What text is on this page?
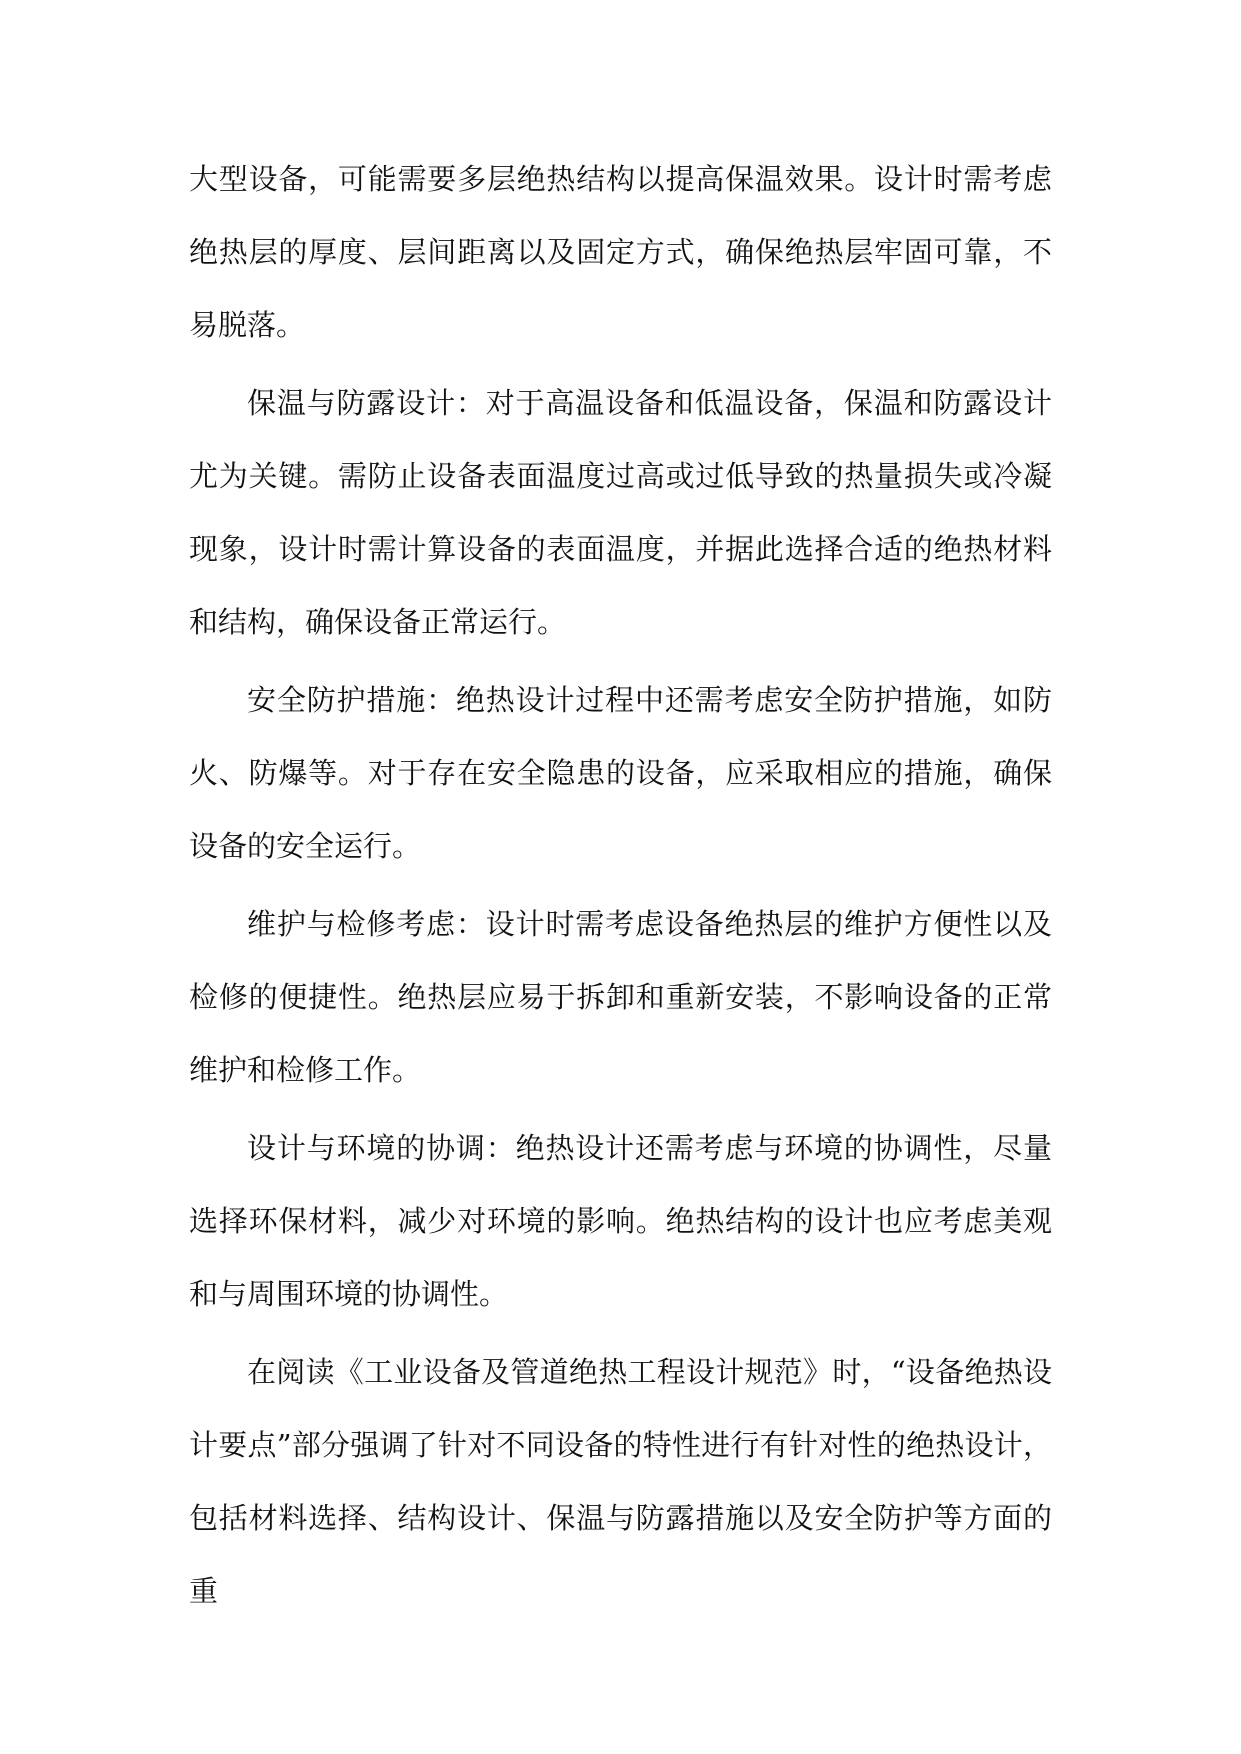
大型设备，可能需要多层绝热结构以提高保温效果。设计时需考虑绝热层的厚度、层间距离以及固定方式，确保绝热层牢固可靠，不易脱落。

保温与防露设计：对于高温设备和低温设备，保温和防露设计尤为关键。需防止设备表面温度过高或过低导致的热量损失或冷凝现象，设计时需计算设备的表面温度，并据此选择合适的绝热材料和结构，确保设备正常运行。

安全防护措施：绝热设计过程中还需考虑安全防护措施，如防火、防爆等。对于存在安全隐患的设备，应采取相应的措施，确保设备的安全运行。

维护与检修考虑：设计时需考虑设备绝热层的维护方便性以及检修的便捷性。绝热层应易于拆卸和重新安装，不影响设备的正常维护和检修工作。

设计与环境的协调：绝热设计还需考虑与环境的协调性，尽量选择环保材料，减少对环境的影响。绝热结构的设计也应考虑美观和与周围环境的协调性。

在阅读《工业设备及管道绝热工程设计规范》时，“设备绝热设计要点”部分强调了针对不同设备的特性进行有针对性的绝热设计，包括材料选择、结构设计、保温与防露措施以及安全防护等方面的重
